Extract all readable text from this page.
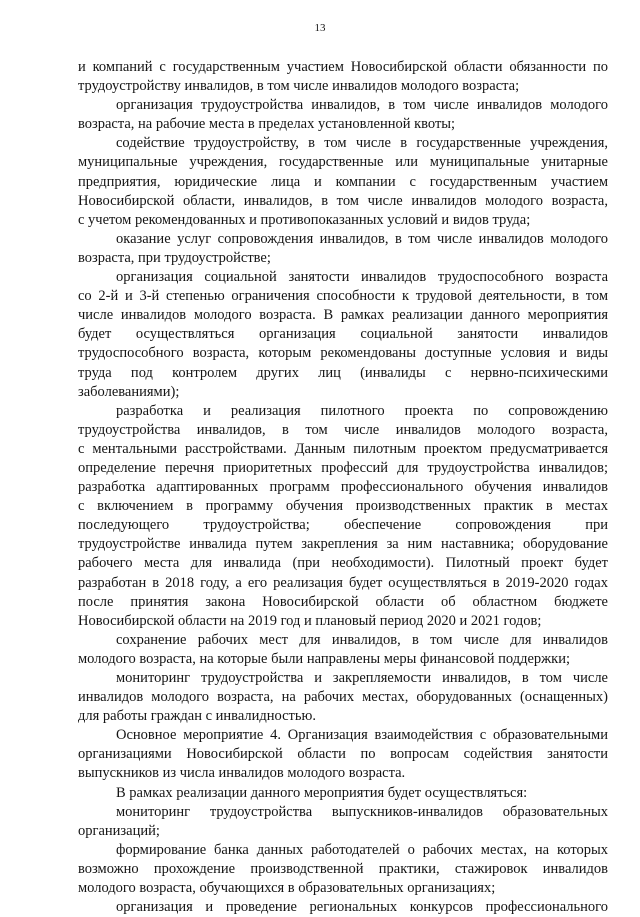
13
и компаний с государственным участием Новосибирской области обязанности по
трудоустройству инвалидов, в том числе инвалидов молодого возраста;
организация трудоустройства инвалидов, в том числе инвалидов молодого
возраста, на рабочие места в пределах установленной квоты;
содействие трудоустройству, в том числе в государственные учреждения,
муниципальные учреждения, государственные или муниципальные унитарные
предприятия, юридические лица и компании с государственным участием
Новосибирской области, инвалидов, в том числе инвалидов молодого возраста,
с учетом рекомендованных и противопоказанных условий и видов труда;
оказание услуг сопровождения инвалидов, в том числе инвалидов молодого
возраста, при трудоустройстве;
организация социальной занятости инвалидов трудоспособного возраста
со 2-й и 3-й степенью ограничения способности к трудовой деятельности, в том
числе инвалидов молодого возраста. В рамках реализации данного мероприятия
будет осуществляться организация социальной занятости инвалидов
трудоспособного возраста, которым рекомендованы доступные условия и виды
труда под контролем других лиц (инвалиды с нервно-психическими
заболеваниями);
разработка и реализация пилотного проекта по сопровождению
трудоустройства инвалидов, в том числе инвалидов молодого возраста,
с ментальными расстройствами. Данным пилотным проектом предусматривается
определение перечня приоритетных профессий для трудоустройства инвалидов;
разработка адаптированных программ профессионального обучения инвалидов
с включением в программу обучения производственных практик в местах
последующего трудоустройства; обеспечение сопровождения при
трудоустройстве инвалида путем закрепления за ним наставника; оборудование
рабочего места для инвалида (при необходимости). Пилотный проект будет
разработан в 2018 году, а его реализация будет осуществляться в 2019-2020 годах
после принятия закона Новосибирской области об областном бюджете
Новосибирской области на 2019 год и плановый период 2020 и 2021 годов;
сохранение рабочих мест для инвалидов, в том числе для инвалидов
молодого возраста, на которые были направлены меры финансовой поддержки;
мониторинг трудоустройства и закрепляемости инвалидов, в том числе
инвалидов молодого возраста, на рабочих местах, оборудованных (оснащенных)
для работы граждан с инвалидностью.
Основное мероприятие 4. Организация взаимодействия с образовательными
организациями Новосибирской области по вопросам содействия занятости
выпускников из числа инвалидов молодого возраста.
В рамках реализации данного мероприятия будет осуществляться:
мониторинг трудоустройства выпускников-инвалидов образовательных
организаций;
формирование банка данных работодателей о рабочих местах, на которых
возможно прохождение производственной практики, стажировок инвалидов
молодого возраста, обучающихся в образовательных организациях;
организация и проведение региональных конкурсов профессионального
